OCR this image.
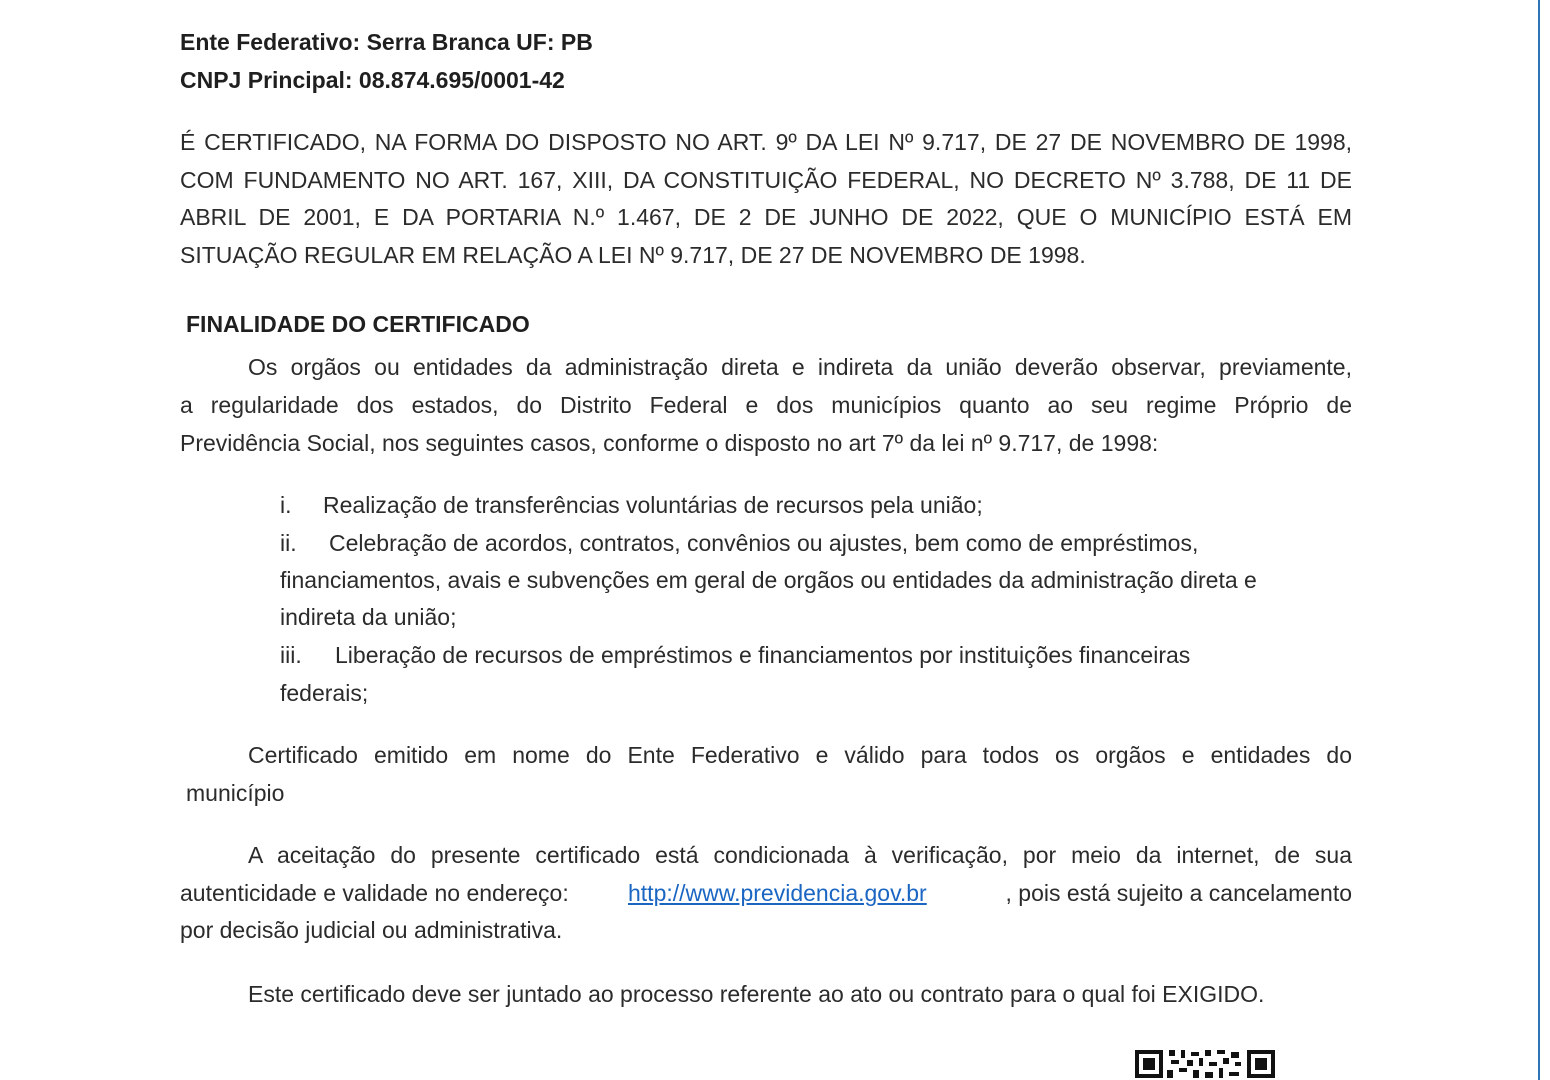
Ente Federativo: Serra Branca UF: PB
CNPJ Principal: 08.874.695/0001-42
É CERTIFICADO, NA FORMA DO DISPOSTO NO ART. 9º DA LEI Nº 9.717, DE 27 DE NOVEMBRO DE 1998,
COM FUNDAMENTO NO ART. 167, XIII, DA CONSTITUIÇÃO FEDERAL, NO DECRETO Nº 3.788, DE 11 DE
ABRIL DE 2001, E DA PORTARIA N.º 1.467, DE 2 DE JUNHO DE 2022, QUE O MUNICÍPIO ESTÁ EM
SITUAÇÃO REGULAR EM RELAÇÃO A LEI Nº 9.717, DE 27 DE NOVEMBRO DE 1998.
FINALIDADE DO CERTIFICADO
Os orgãos ou entidades da administração direta e indireta da união deverão observar, previamente,
a regularidade dos estados, do Distrito Federal e dos municípios quanto ao seu regime Próprio de
Previdência Social, nos seguintes casos, conforme o disposto no art 7º da lei nº 9.717, de 1998:
i. Realização de transferências voluntárias de recursos pela união;
ii. Celebração de acordos, contratos, convênios ou ajustes, bem como de empréstimos,
financiamentos, avais e subvenções em geral de orgãos ou entidades da administração direta e
indireta da união;
iii. Liberação de recursos de empréstimos e financiamentos por instituições financeiras
federais;
Certificado emitido em nome do Ente Federativo e válido para todos os orgãos e entidades do
município
A aceitação do presente certificado está condicionada à verificação, por meio da internet, de sua
autenticidade e validade no endereço:	http://www.previdencia.gov.br	, pois está sujeito a cancelamento
por decisão judicial ou administrativa.
Este certificado deve ser juntado ao processo referente ao ato ou contrato para o qual foi EXIGIDO.
